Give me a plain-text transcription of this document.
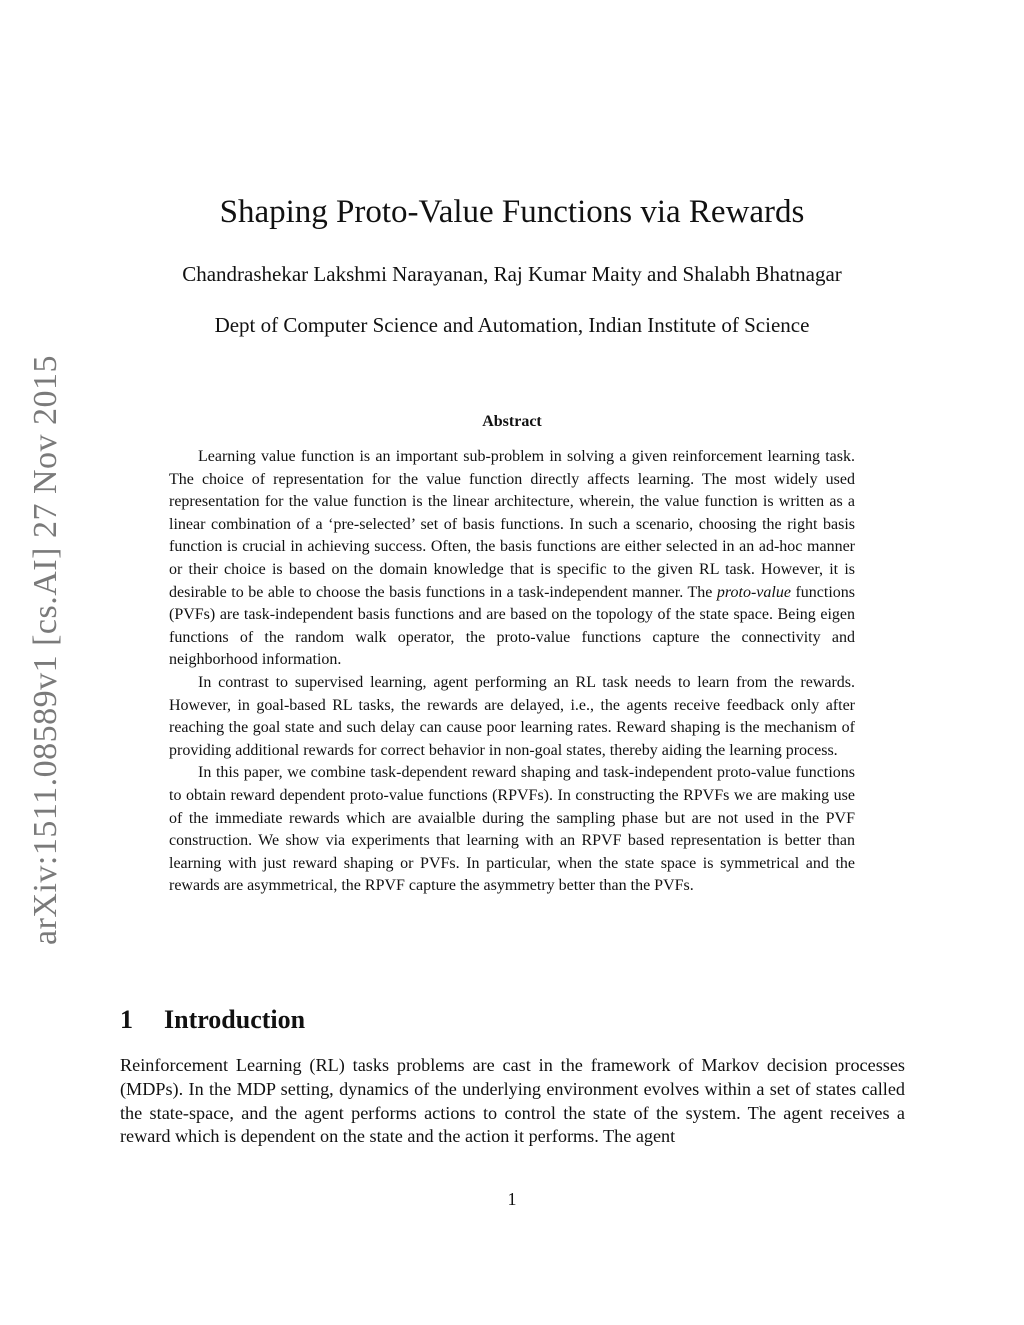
arXiv:1511.08589v1 [cs.AI] 27 Nov 2015
Shaping Proto-Value Functions via Rewards
Chandrashekar Lakshmi Narayanan, Raj Kumar Maity and Shalabh Bhatnagar
Dept of Computer Science and Automation, Indian Institute of Science
Abstract

Learning value function is an important sub-problem in solving a given reinforcement learning task. The choice of representation for the value function directly affects learning. The most widely used representation for the value function is the linear architecture, wherein, the value function is written as a linear combination of a ‘pre-selected’ set of basis functions. In such a scenario, choosing the right basis function is crucial in achieving success. Often, the basis functions are either selected in an ad-hoc manner or their choice is based on the domain knowledge that is specific to the given RL task. However, it is desirable to be able to choose the basis functions in a task-independent manner. The proto-value functions (PVFs) are task-independent basis functions and are based on the topology of the state space. Being eigen functions of the random walk operator, the proto-value functions capture the connectivity and neighborhood information.

In contrast to supervised learning, agent performing an RL task needs to learn from the rewards. However, in goal-based RL tasks, the rewards are delayed, i.e., the agents receive feedback only after reaching the goal state and such delay can cause poor learning rates. Reward shaping is the mechanism of providing additional rewards for correct behavior in non-goal states, thereby aiding the learning process.

In this paper, we combine task-dependent reward shaping and task-independent proto-value functions to obtain reward dependent proto-value functions (RPVFs). In constructing the RPVFs we are making use of the immediate rewards which are avaialble during the sampling phase but are not used in the PVF construction. We show via experiments that learning with an RPVF based representation is better than learning with just reward shaping or PVFs. In particular, when the state space is symmetrical and the rewards are asymmetrical, the RPVF capture the asymmetry better than the PVFs.

1 Introduction

Reinforcement Learning (RL) tasks problems are cast in the framework of Markov decision processes (MDPs). In the MDP setting, dynamics of the underlying environment evolves within a set of states called the state-space, and the agent performs actions to control the state of the system. The agent receives a reward which is dependent on the state and the action it performs. The agent

1
